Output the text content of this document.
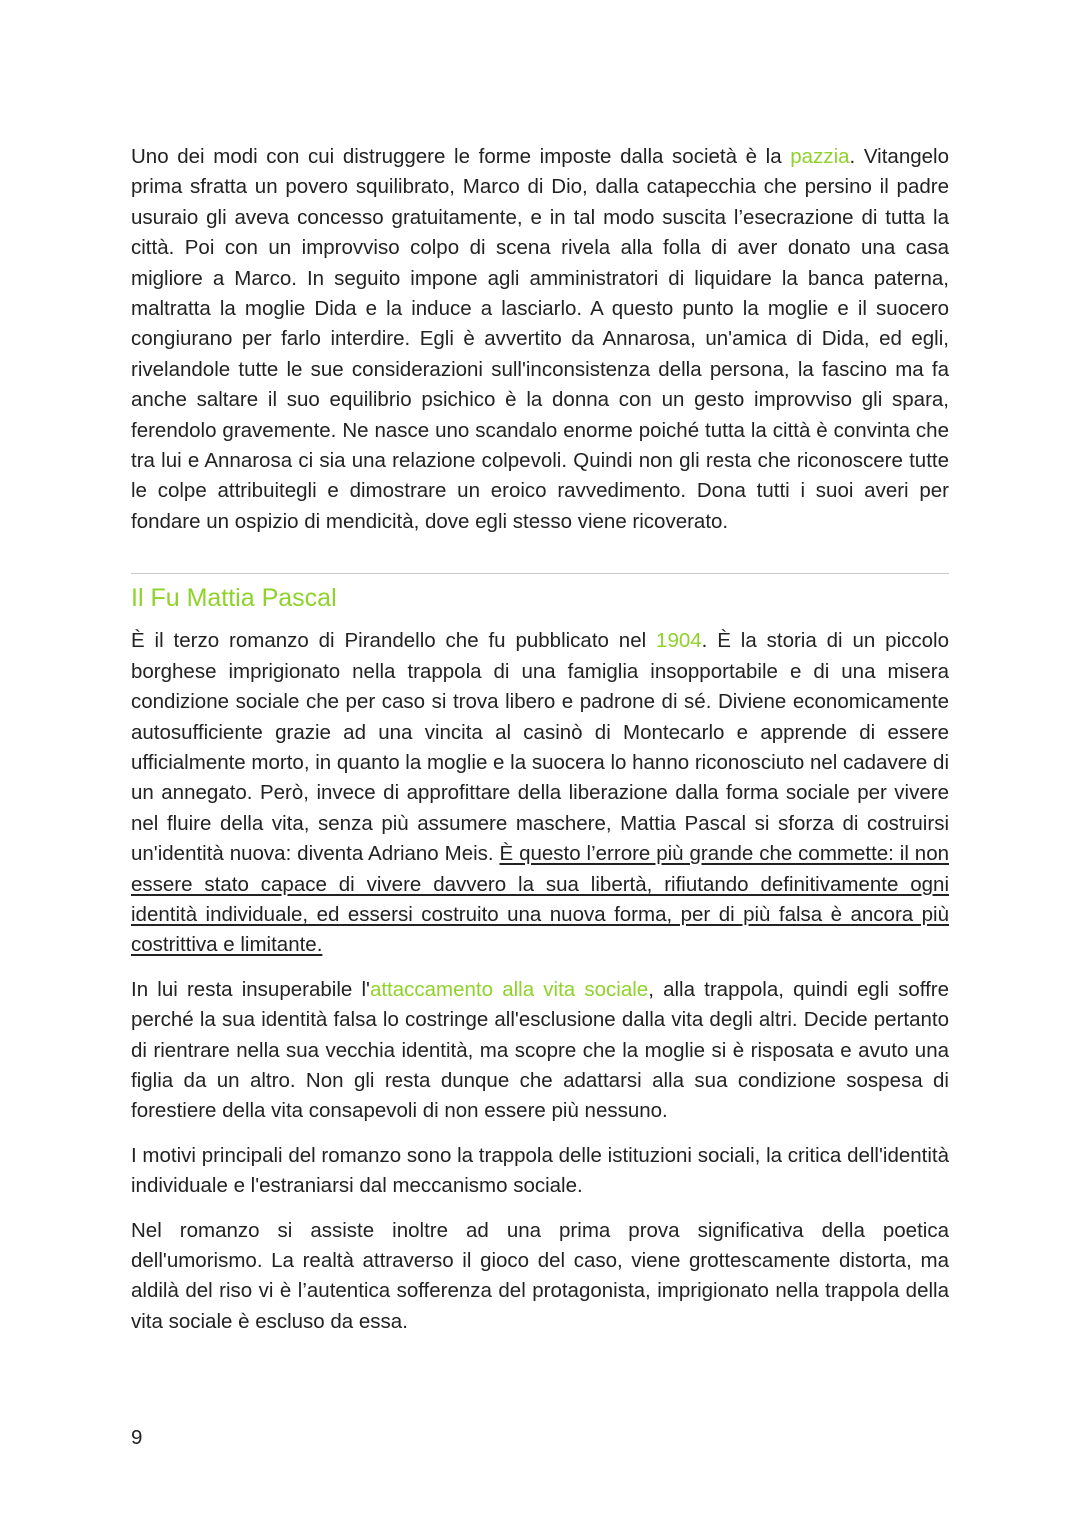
Uno dei modi con cui distruggere le forme imposte dalla società è la pazzia. Vitangelo prima sfratta un povero squilibrato, Marco di Dio, dalla catapecchia che persino il padre usuraio gli aveva concesso gratuitamente, e in tal modo suscita l’esecrazione di tutta la città. Poi con un improvviso colpo di scena rivela alla folla di aver donato una casa migliore a Marco. In seguito impone agli amministratori di liquidare la banca paterna, maltratta la moglie Dida e la induce a lasciarlo. A questo punto la moglie e il suocero congiurano per farlo interdire. Egli è avvertito da Annarosa, un'amica di Dida, ed egli, rivelandole tutte le sue considerazioni sull'inconsistenza della persona, la fascino ma fa anche saltare il suo equilibrio psichico è la donna con un gesto improvviso gli spara, ferendolo gravemente. Ne nasce uno scandalo enorme poiché tutta la città è convinta che tra lui e Annarosa ci sia una relazione colpevoli. Quindi non gli resta che riconoscere tutte le colpe attribuitegli e dimostrare un eroico ravvedimento. Dona tutti i suoi averi per fondare un ospizio di mendicità, dove egli stesso viene ricoverato.

Il Fu Mattia Pascal

È il terzo romanzo di Pirandello che fu pubblicato nel 1904. È la storia di un piccolo borghese imprigionato nella trappola di una famiglia insopportabile e di una misera condizione sociale che per caso si trova libero e padrone di sé. Diviene economicamente autosufficiente grazie ad una vincita al casinò di Montecarlo e apprende di essere ufficialmente morto, in quanto la moglie e la suocera lo hanno riconosciuto nel cadavere di un annegato. Però, invece di approfittare della liberazione dalla forma sociale per vivere nel fluire della vita, senza più assumere maschere, Mattia Pascal si sforza di costruirsi un'identità nuova: diventa Adriano Meis. È questo l’errore più grande che commette: il non essere stato capace di vivere davvero la sua libertà, rifiutando definitivamente ogni identità individuale, ed essersi costruito una nuova forma, per di più falsa è ancora più costrittiva e limitante.

In lui resta insuperabile l'attaccamento alla vita sociale, alla trappola, quindi egli soffre perché la sua identità falsa lo costringe all'esclusione dalla vita degli altri. Decide pertanto di rientrare nella sua vecchia identità, ma scopre che la moglie si è risposata e avuto una figlia da un altro. Non gli resta dunque che adattarsi alla sua condizione sospesa di forestiere della vita consapevoli di non essere più nessuno.

I motivi principali del romanzo sono la trappola delle istituzioni sociali, la critica dell'identità individuale e l'estraniarsi dal meccanismo sociale.

Nel romanzo si assiste inoltre ad una prima prova significativa della poetica dell'umorismo. La realtà attraverso il gioco del caso, viene grottescamente distorta, ma aldilà del riso vi è l’autentica sofferenza del protagonista, imprigionato nella trappola della vita sociale è escluso da essa.

9
